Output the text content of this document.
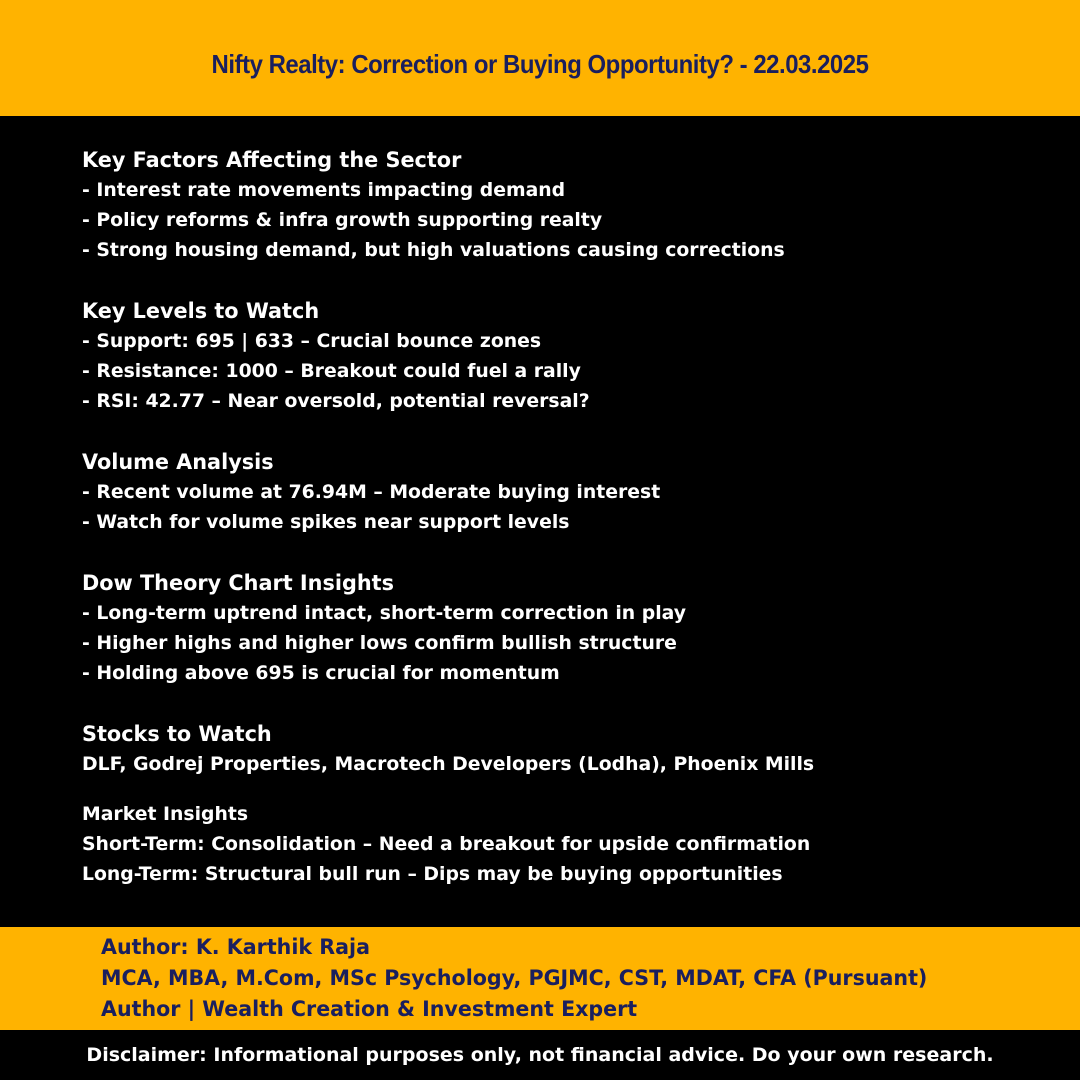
Nifty Realty: Correction or Buying Opportunity? - 22.03.2025
Key Factors Affecting the Sector
- Interest rate movements impacting demand
- Policy reforms & infra growth supporting realty
- Strong housing demand, but high valuations causing corrections
Key Levels to Watch
- Support: 695 | 633 – Crucial bounce zones
- Resistance: 1000 – Breakout could fuel a rally
- RSI: 42.77 – Near oversold, potential reversal?
Volume Analysis
- Recent volume at 76.94M – Moderate buying interest
- Watch for volume spikes near support levels
Dow Theory Chart Insights
- Long-term uptrend intact, short-term correction in play
- Higher highs and higher lows confirm bullish structure
- Holding above 695 is crucial for momentum
Stocks to Watch
DLF, Godrej Properties, Macrotech Developers (Lodha), Phoenix Mills
Market Insights
Short-Term: Consolidation – Need a breakout for upside confirmation
Long-Term: Structural bull run – Dips may be buying opportunities
Author: K. Karthik Raja
MCA, MBA, M.Com, MSc Psychology, PGJMC, CST, MDAT, CFA (Pursuant)
Author | Wealth Creation & Investment Expert
Disclaimer: Informational purposes only, not financial advice. Do your own research.
